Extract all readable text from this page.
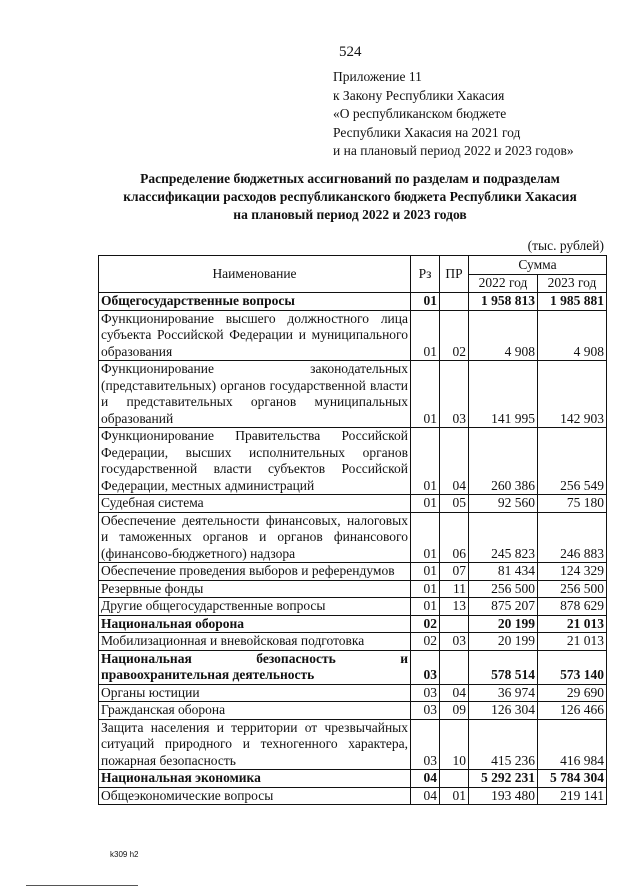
524
Приложение 11
к Закону Республики Хакасия
«О республиканском бюджете
Республики Хакасия на 2021 год
и на плановый период 2022 и 2023 годов»
Распределение бюджетных ассигнований по разделам и подразделам
классификации расходов республиканского бюджета Республики Хакасия
на плановый период 2022 и 2023 годов
(тыс. рублей)
Наименование	Рз	ПР	Сумма	
			2022 год	2023 год
Общегосударственные вопросы	01		1 958 813	1 985 881
Функционирование высшего должностного лица субъекта Российской Федерации и муниципального образования	01	02	4 908	4 908
Функционирование законодательных (представительных) органов государственной власти и представительных органов муниципальных образований	01	03	141 995	142 903
Функционирование Правительства Российской Федерации, высших исполнительных органов государственной власти субъектов Российской Федерации, местных администраций	01	04	260 386	256 549
Судебная система	01	05	92 560	75 180
Обеспечение деятельности финансовых, налоговых и таможенных органов и органов финансового (финансово-бюджетного) надзора	01	06	245 823	246 883
Обеспечение проведения выборов и референдумов	01	07	81 434	124 329
Резервные фонды	01	11	256 500	256 500
Другие общегосударственные вопросы	01	13	875 207	878 629
Национальная оборона	02		20 199	21 013
Мобилизационная и вневойсковая подготовка	02	03	20 199	21 013
Национальная безопасность и правоохранительная деятельность	03		578 514	573 140
Органы юстиции	03	04	36 974	29 690
Гражданская оборона	03	09	126 304	126 466
Защита населения и территории от чрезвычайных ситуаций природного и техногенного характера, пожарная безопасность	03	10	415 236	416 984
Национальная экономика	04		5 292 231	5 784 304
Общеэкономические вопросы	04	01	193 480	219 141
k309 h2
